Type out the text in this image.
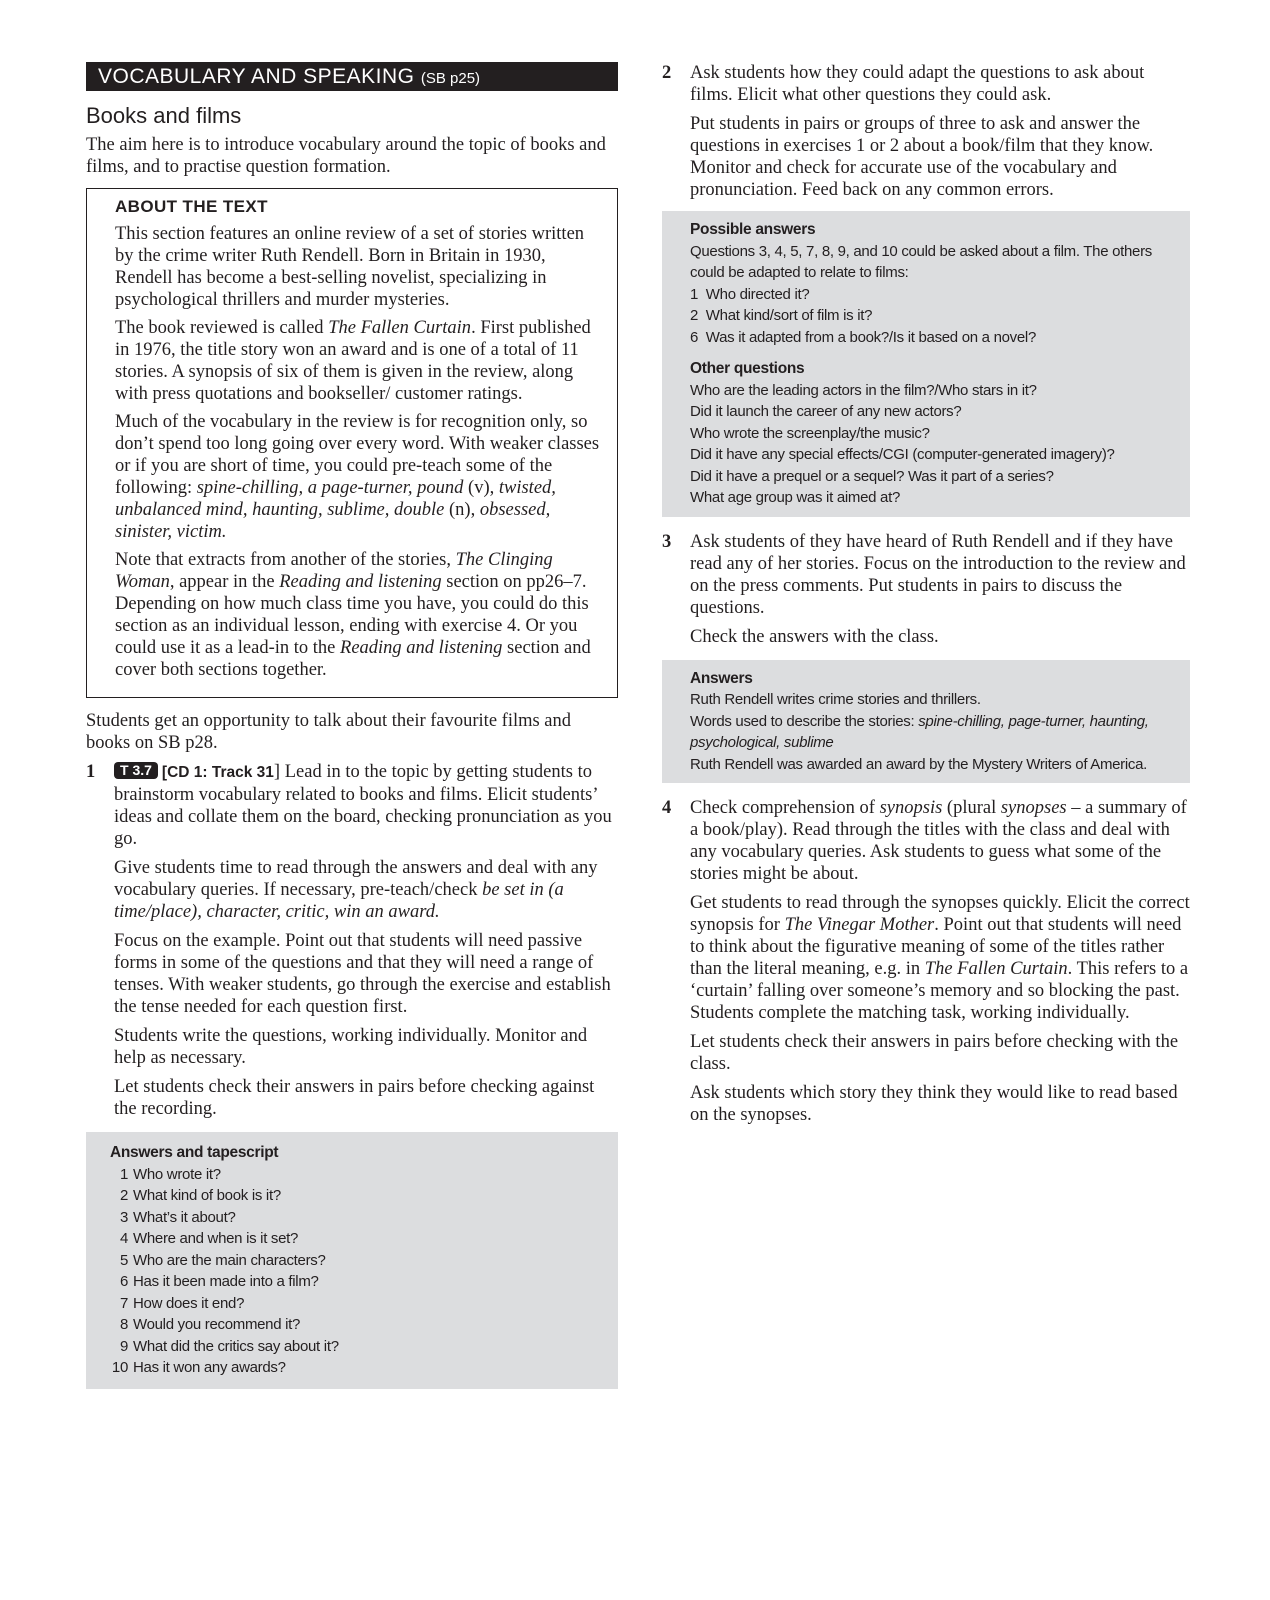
VOCABULARY AND SPEAKING (SB p25)
Books and films

The aim here is to introduce vocabulary around the topic of books and films, and to practise question formation.

ABOUT THE TEXT

This section features an online review of a set of stories written by the crime writer Ruth Rendell. Born in Britain in 1930, Rendell has become a best-selling novelist, specializing in psychological thrillers and murder mysteries.

The book reviewed is called The Fallen Curtain. First published in 1976, the title story won an award and is one of a total of 11 stories. A synopsis of six of them is given in the review, along with press quotations and bookseller/ customer ratings.

Much of the vocabulary in the review is for recognition only, so don’t spend too long going over every word. With weaker classes or if you are short of time, you could pre-teach some of the following: spine-chilling, a page-turner, pound (v), twisted, unbalanced mind, haunting, sublime, double (n), obsessed, sinister, victim.

Note that extracts from another of the stories, The Clinging Woman, appear in the Reading and listening section on pp26–7. Depending on how much class time you have, you could do this section as an individual lesson, ending with exercise 4. Or you could use it as a lead-in to the Reading and listening section and cover both sections together.

Students get an opportunity to talk about their favourite films and books on SB p28.

1	T 3.7 [CD 1: Track 31] Lead in to the topic by getting students to brainstorm vocabulary related to books and films. Elicit students’ ideas and collate them on the board, checking pronunciation as you go.

Give students time to read through the answers and deal with any vocabulary queries. If necessary, pre-teach/check be set in (a time/place), character, critic, win an award.

Focus on the example. Point out that students will need passive forms in some of the questions and that they will need a range of tenses. With weaker students, go through the exercise and establish the tense needed for each question first.

Students write the questions, working individually. Monitor and help as necessary.

Let students check their answers in pairs before checking against the recording.

Answers and tapescript
1 Who wrote it?
2 What kind of book is it?
3 What’s it about?
4 Where and when is it set?
5 Who are the main characters?
6 Has it been made into a film?
7 How does it end?
8 Would you recommend it?
9 What did the critics say about it?
10 Has it won any awards?
2 Ask students how they could adapt the questions to ask about films. Elicit what other questions they could ask.

Put students in pairs or groups of three to ask and answer the questions in exercises 1 or 2 about a book/film that they know. Monitor and check for accurate use of the vocabulary and pronunciation. Feed back on any common errors.

Possible answers
Questions 3, 4, 5, 7, 8, 9, and 10 could be asked about a film. The others could be adapted to relate to films:
1 Who directed it?
2 What kind/sort of film is it?
6 Was it adapted from a book?/Is it based on a novel?
Other questions
Who are the leading actors in the film?/Who stars in it?
Did it launch the career of any new actors?
Who wrote the screenplay/the music?
Did it have any special effects/CGI (computer-generated imagery)?
Did it have a prequel or a sequel? Was it part of a series?
What age group was it aimed at?
3 Ask students of they have heard of Ruth Rendell and if they have read any of her stories. Focus on the introduction to the review and on the press comments. Put students in pairs to discuss the questions.

Check the answers with the class.

Answers
Ruth Rendell writes crime stories and thrillers.
Words used to describe the stories: spine-chilling, page-turner, haunting, psychological, sublime
Ruth Rendell was awarded an award by the Mystery Writers of America.
4 Check comprehension of synopsis (plural synopses – a summary of a book/play). Read through the titles with the class and deal with any vocabulary queries. Ask students to guess what some of the stories might be about.

Get students to read through the synopses quickly. Elicit the correct synopsis for The Vinegar Mother. Point out that students will need to think about the figurative meaning of some of the titles rather than the literal meaning, e.g. in The Fallen Curtain. This refers to a ‘curtain’ falling over someone’s memory and so blocking the past. Students complete the matching task, working individually.

Let students check their answers in pairs before checking with the class.

Ask students which story they think they would like to read based on the synopses.
